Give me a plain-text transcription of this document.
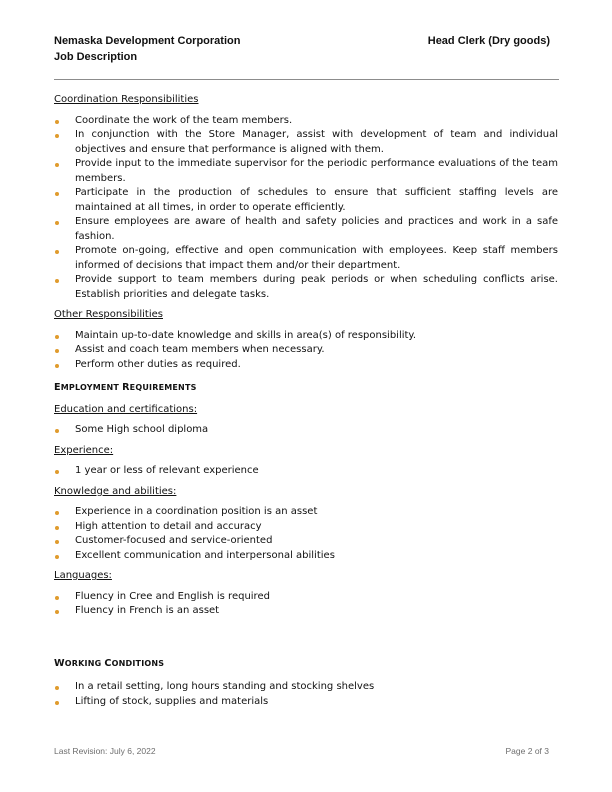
Nemaska Development Corporation
Job Description
Head Clerk (Dry goods)

Coordination Responsibilities

Coordinate the work of the team members.
In conjunction with the Store Manager, assist with development of team and individual objectives and ensure that performance is aligned with them.
Provide input to the immediate supervisor for the periodic performance evaluations of the team members.
Participate in the production of schedules to ensure that sufficient staffing levels are maintained at all times, in order to operate efficiently.
Ensure employees are aware of health and safety policies and practices and work in a safe fashion.
Promote on-going, effective and open communication with employees. Keep staff members informed of decisions that impact them and/or their department.
Provide support to team members during peak periods or when scheduling conflicts arise. Establish priorities and delegate tasks.

Other Responsibilities

Maintain up-to-date knowledge and skills in area(s) of responsibility.
Assist and coach team members when necessary.
Perform other duties as required.

EMPLOYMENT REQUIREMENTS

Education and certifications:

Some High school diploma

Experience:

1 year or less of relevant experience

Knowledge and abilities:

Experience in a coordination position is an asset
High attention to detail and accuracy
Customer-focused and service-oriented
Excellent communication and interpersonal abilities

Languages:

Fluency in Cree and English is required
Fluency in French is an asset

WORKING CONDITIONS

In a retail setting, long hours standing and stocking shelves
Lifting of stock, supplies and materials
Last Revision: July 6, 2022	Page 2 of 3
